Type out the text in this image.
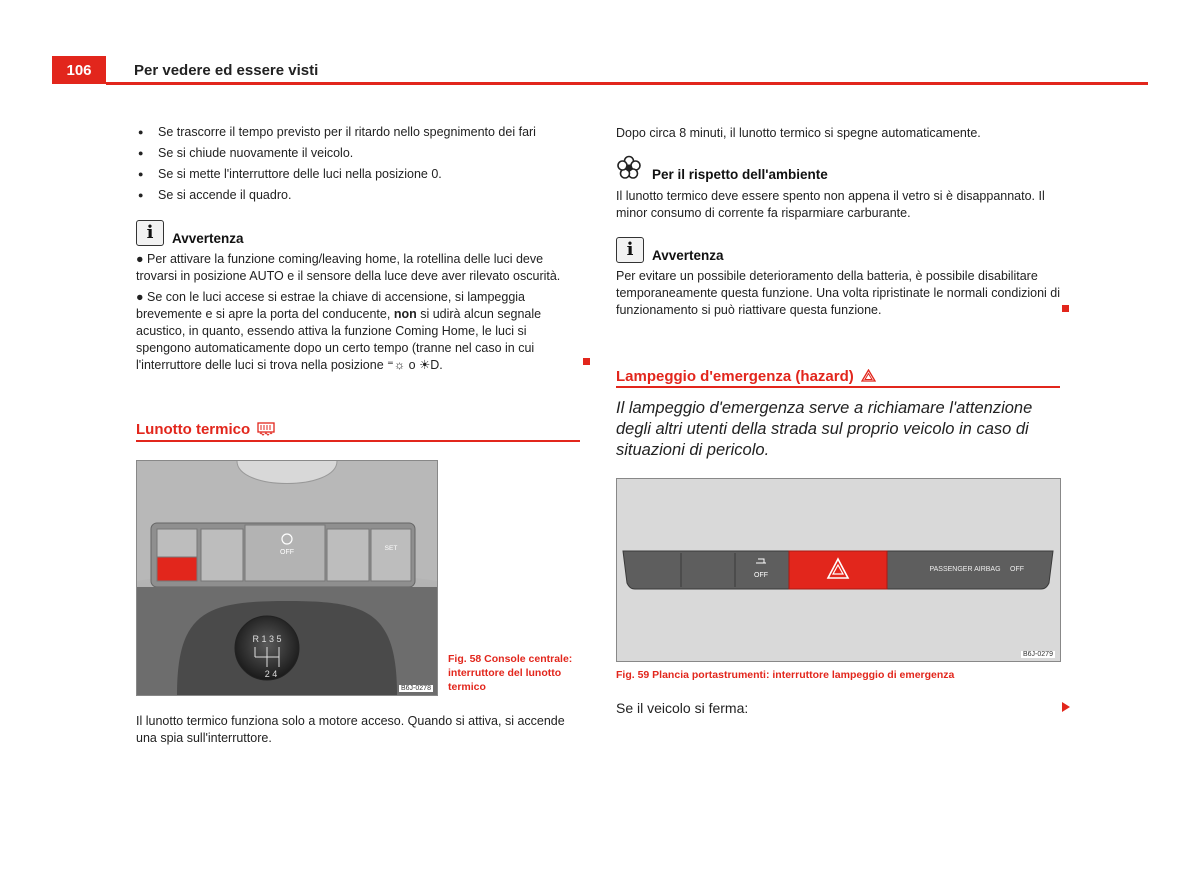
106	Per vedere ed essere visti
● Se trascorre il tempo previsto per il ritardo nello spegnimento dei fari
● Se si chiude nuovamente il veicolo.
● Se si mette l'interruttore delle luci nella posizione 0.
● Se si accende il quadro.
i	Avvertenza
● Per attivare la funzione coming/leaving home, la rotellina delle luci deve trovarsi in posizione AUTO e il sensore della luce deve aver rilevato oscurità.
● Se con le luci accese si estrae la chiave di accensione, si lampeggia brevemente e si apre la porta del conducente, non si udirà alcun segnale acustico, in quanto, essendo attiva la funzione Coming Home, le luci si spengono automaticamente dopo un certo tempo (tranne nel caso in cui l'interruttore delle luci si trova nella posizione ⁼☼ o ☀D.
Lunotto termico
OFF
SET
R 1 3 5
2 4
B6J-0278
Fig. 58 Console centrale: interruttore del lunotto termico
Il lunotto termico funziona solo a motore acceso. Quando si attiva, si accende una spia sull'interruttore.
Dopo circa 8 minuti, il lunotto termico si spegne automaticamente.
Per il rispetto dell'ambiente
Il lunotto termico deve essere spento non appena il vetro si è disappannato. Il minor consumo di corrente fa risparmiare carburante.
i	Avvertenza
Per evitare un possibile deterioramento della batteria, è possibile disabilitare temporaneamente questa funzione. Una volta ripristinate le normali condizioni di funzionamento si può riattivare questa funzione.
Lampeggio d'emergenza (hazard)
Il lampeggio d'emergenza serve a richiamare l'attenzione degli altri utenti della strada sul proprio veicolo in caso di situazioni di pericolo.
OFF
PASSENGER AIRBAG OFF
B6J-0279
Fig. 59 Plancia portastrumenti: interruttore lampeggio di emergenza
Se il veicolo si ferma:
